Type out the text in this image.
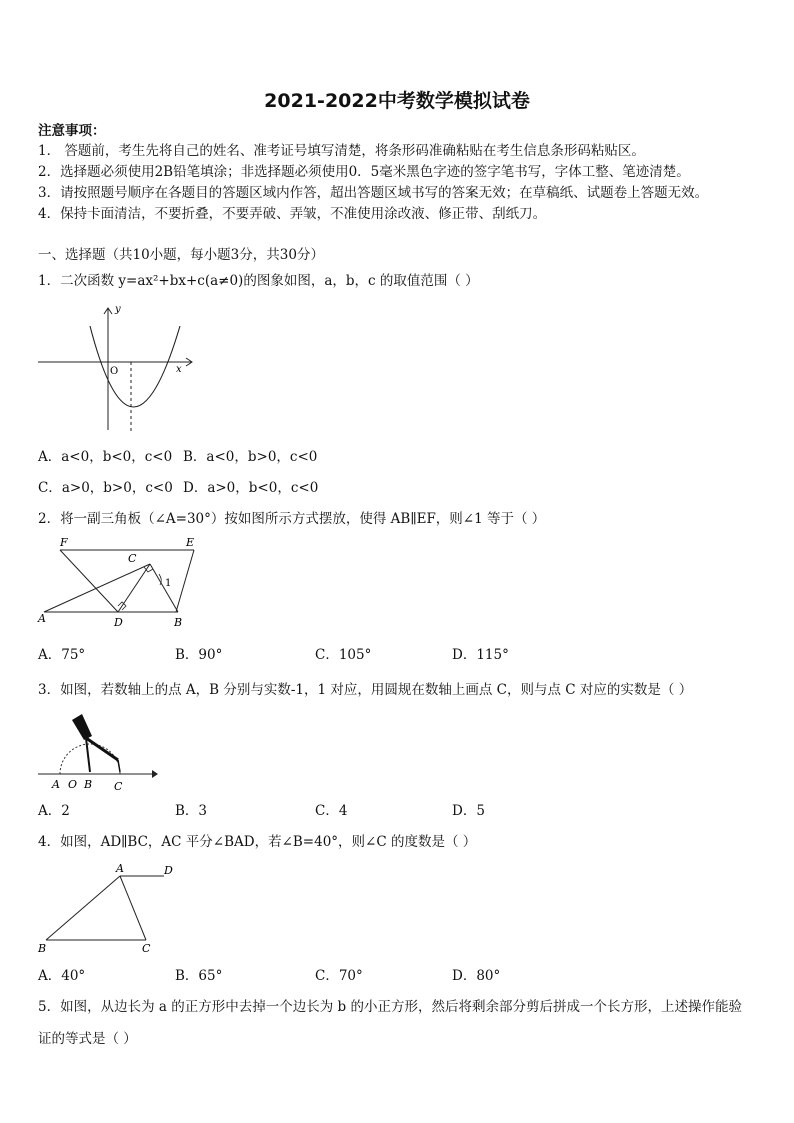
2021-2022中考数学模拟试卷
注意事项：
1． 答题前，考生先将自己的姓名、准考证号填写清楚，将条形码准确粘贴在考生信息条形码粘贴区。
2．选择题必须使用2B铅笔填涂；非选择题必须使用0．5毫米黑色字迹的签字笔书写，字体工整、笔迹清楚。
3．请按照题号顺序在各题目的答题区域内作答，超出答题区域书写的答案无效；在草稿纸、试题卷上答题无效。
4．保持卡面清洁，不要折叠，不要弄破、弄皱，不准使用涂改液、修正带、刮纸刀。
一、选择题（共10小题，每小题3分，共30分）
1．二次函数 y=ax²+bx+c(a≠0)的图象如图，a，b，c 的取值范围（ ）
y
x
O
A．a<0，b<0，c<0 B．a<0，b>0，c<0
C．a>0，b>0，c<0 D．a>0，b<0，c<0
2．将一副三角板（∠A=30°）按如图所示方式摆放，使得 AB∥EF，则∠1 等于（ ）
F	E
C
A	D	B
1
A．75°	B．90°	C．105°	D．115°
3．如图，若数轴上的点 A，B 分别与实数-1，1 对应，用圆规在数轴上画点 C，则与点 C 对应的实数是（ ）
A O B C
A．2	B．3	C．4	D．5
4．如图，AD∥BC，AC 平分∠BAD，若∠B=40°，则∠C 的度数是（ ）
A	D
B	C
A．40°	B．65°	C．70°	D．80°
5．如图，从边长为 a 的正方形中去掉一个边长为 b 的小正方形，然后将剩余部分剪后拼成一个长方形，上述操作能验
证的等式是（ ）
